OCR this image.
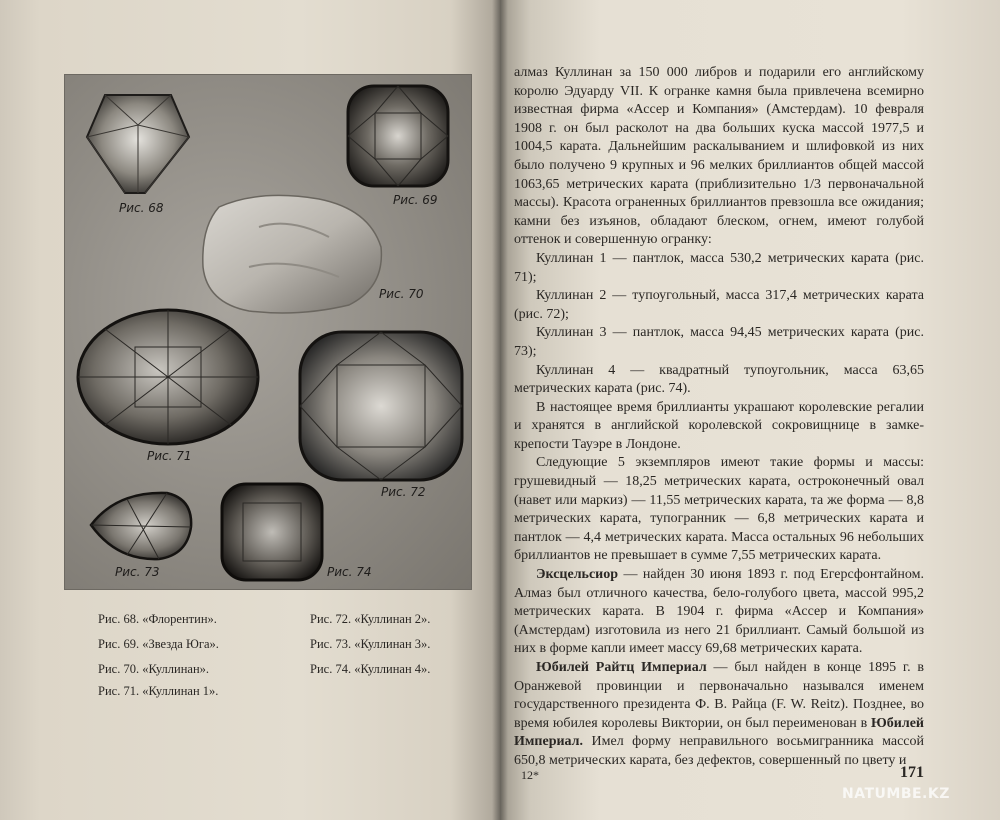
Рис. 68
Рис. 69
Рис. 70
Рис. 71
Рис. 72
Рис. 73	Рис. 74
Рис. 68. «Флорентин».
Рис. 69. «Звезда Юга».
Рис. 70. «Куллинан».
Рис. 71. «Куллинан 1».
Рис. 72. «Куллинан 2».
Рис. 73. «Куллинан 3».
Рис. 74. «Куллинан 4».

алмаз Куллинан за 150 000 либров и подарили его английскому королю Эдуарду VII. К огранке камня была привлечена всемирно известная фирма «Ассер и Компания» (Амстердам). 10 февраля 1908 г. он был расколот на два больших куска массой 1977,5 и 1004,5 карата. Дальнейшим раскалыванием и шлифовкой из них было получено 9 крупных и 96 мелких бриллиантов общей массой 1063,65 метрических карата (приблизительно 1/3 первоначальной массы). Красота ограненных бриллиантов превзошла все ожидания; камни без изъянов, обладают блеском, огнем, имеют голубой оттенок и совершенную огранку:

Куллинан 1 — пантлок, масса 530,2 метрических карата (рис. 71);

Куллинан 2 — тупоугольный, масса 317,4 метрических карата (рис. 72);

Куллинан 3 — пантлок, масса 94,45 метрических карата (рис. 73);

Куллинан 4 — квадратный тупоугольник, масса 63,65 метрических карата (рис. 74).

В настоящее время бриллианты украшают королевские регалии и хранятся в английской королевской сокровищнице в замке-крепости Тауэре в Лондоне.

Следующие 5 экземпляров имеют такие формы и массы: грушевидный — 18,25 метрических карата, остроконечный овал (навет или маркиз) — 11,55 метрических карата, та же форма — 8,8 метрических карата, тупогранник — 6,8 метрических карата и пантлок — 4,4 метрических карата. Масса остальных 96 небольших бриллиантов не превышает в сумме 7,55 метрических карата.

Эксцельсиор — найден 30 июня 1893 г. под Егерсфонтайном. Алмаз был отличного качества, бело-голубого цвета, массой 995,2 метрических карата. В 1904 г. фирма «Ассер и Компания» (Амстердам) изготовила из него 21 бриллиант. Самый большой из них в форме капли имеет массу 69,68 метрических карата.

Юбилей Райтц Империал — был найден в конце 1895 г. в Оранжевой провинции и первоначально назывался именем государственного президента Ф. В. Райца (F. W. Reitz). Позднее, во время юбилея королевы Виктории, он был переименован в Юбилей Империал. Имел форму неправильного восьмигранника массой 650,8 метрических карата, без дефектов, совершенный по цвету и

12*	171
NATUMBE.KZ
